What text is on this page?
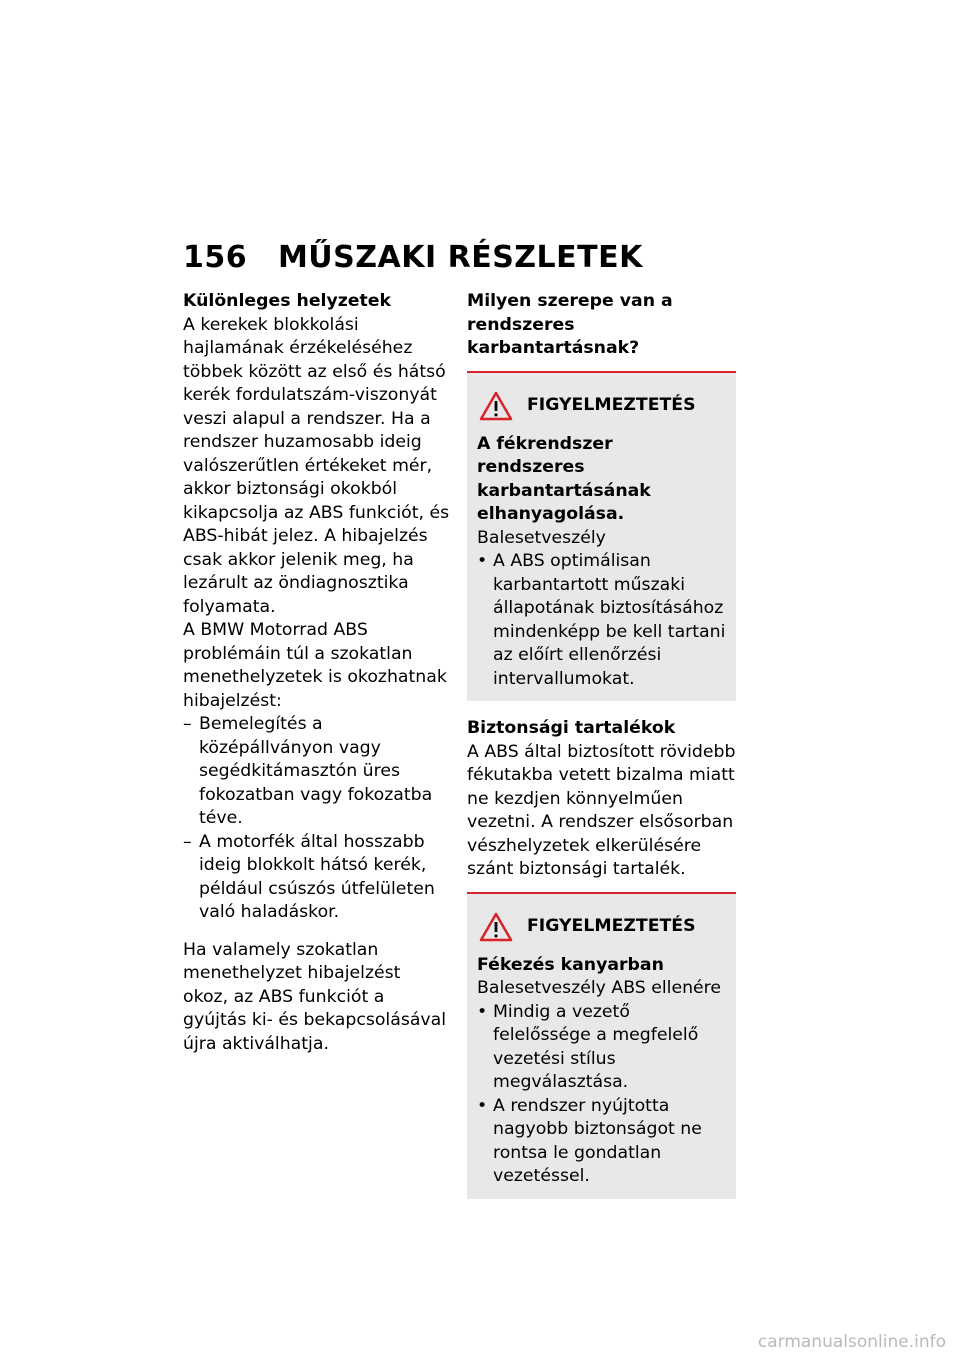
156 MŰSZAKI RÉSZLETEK

Különleges helyzetek

A kerekek blokkolási hajlamának érzékeléséhez többek között az első és hátsó kerék fordulatszám-viszonyát veszi alapul a rendszer. Ha a rendszer huzamosabb ideig valószerűtlen értékeket mér, akkor biztonsági okokból kikapcsolja az ABS funkciót, és ABS-hibát jelez. A hibajelzés csak akkor jelenik meg, ha lezárult az öndiagnosztika folyamata.

A BMW Motorrad ABS problémáin túl a szokatlan menethelyzetek is okozhatnak hibajelzést:

– Bemelegítés a középállványon vagy segédkitámasztón üres fokozatban vagy fokozatba téve.
– A motorfék által hosszabb ideig blokkolt hátsó kerék, például csúszós útfelületen való haladáskor.

Ha valamely szokatlan menethelyzet hibajelzést okoz, az ABS funkciót a gyújtás ki- és bekapcsolásával újra aktiválhatja.

Milyen szerepe van a rendszeres karbantartásnak?

FIGYELMEZTETÉS

A fékrendszer rendszeres karbantartásának elhanyagolása.

Balesetveszély

• A ABS optimálisan karbantartott műszaki állapotának biztosításához mindenképp be kell tartani az előírt ellenőrzési intervallumokat.

Biztonsági tartalékok

A ABS által biztosított rövidebb fékutakba vetett bizalma miatt ne kezdjen könnyelműen vezetni. A rendszer elsősorban vészhelyzetek elkerülésére szánt biztonsági tartalék.

FIGYELMEZTETÉS

Fékezés kanyarban

Balesetveszély ABS ellenére

• Mindig a vezető felelőssége a megfelelő vezetési stílus megválasztása.
• A rendszer nyújtotta nagyobb biztonságot ne rontsa le gondatlan vezetéssel.
carmanualsonline.info
